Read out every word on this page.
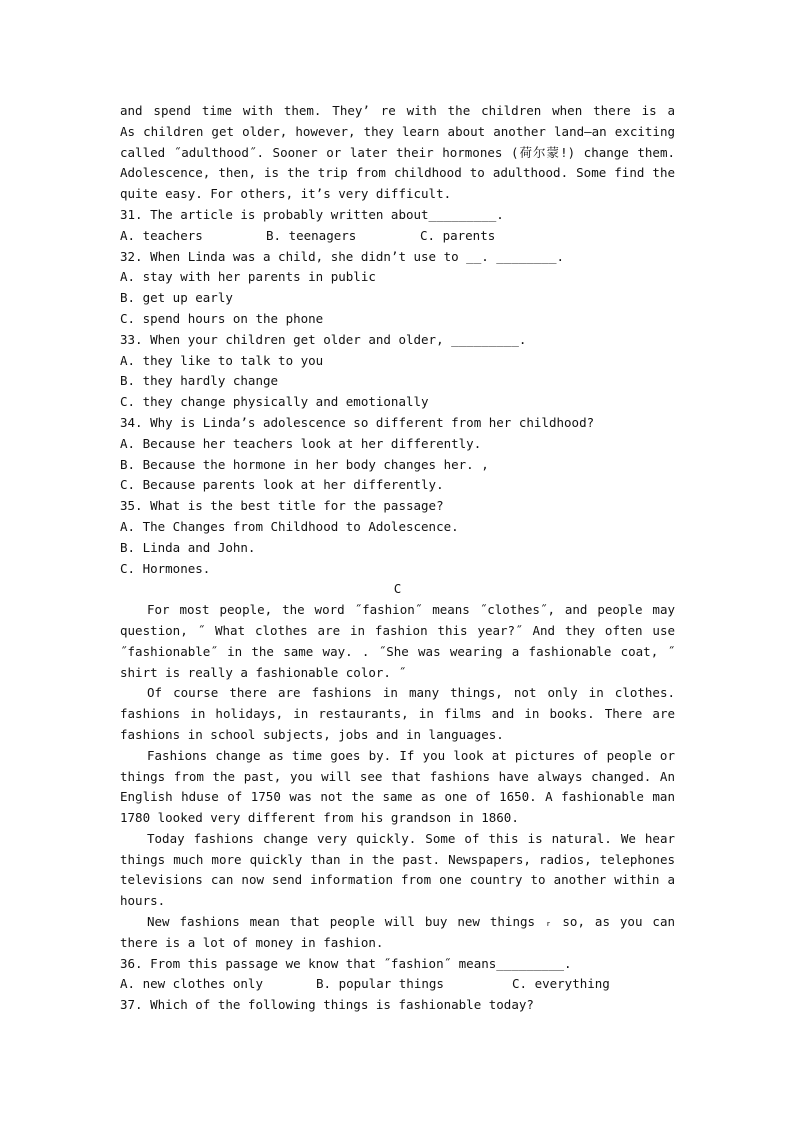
and spend time with them. They’ re with the children when there is a
As children get older, however, they learn about another land—an exciting
called ˝adulthood˝. Sooner or later their hormones (荷尔蒙!) change them.
Adolescence, then, is the trip from childhood to adulthood. Some find the
quite easy. For others, it’s very difficult.
31. The article is probably written about_________.
A. teachers	B. teenagers	C. parents
32. When Linda was a child, she didn’t use to __. ________.
A. stay with her parents in public
B. get up early
C. spend hours on the phone
33. When your children get older and older, _________.
A. they like to talk to you
B. they hardly change
C. they change physically and emotionally
34. Why is Linda’s adolescence so different from her childhood?
A. Because her teachers look at her differently.
B. Because the hormone in her body changes her. ,
C. Because parents look at her differently.
35. What is the best title for the passage?
A. The Changes from Childhood to Adolescence.
B. Linda and John.
C. Hormones.
C
For most people, the word ˝fashion˝ means ˝clothes˝, and people may
question, ˝ What clothes are in fashion this year?˝ And they often use
˝fashionable˝ in the same way. . ˝She was wearing a fashionable coat, ˝
shirt is really a fashionable color. ˝
Of course there are fashions in many things, not only in clothes.
fashions in holidays, in restaurants, in films and in books. There are
fashions in school subjects, jobs and in languages.
Fashions change as time goes by. If you look at pictures of people or
things from the past, you will see that fashions have always changed. An
English hduse of 1750 was not the same as one of 1650. A fashionable man
1780 looked very different from his grandson in 1860.
Today fashions change very quickly. Some of this is natural. We hear
things much more quickly than in the past. Newspapers, radios, telephones
televisions can now send information from one country to another within a
hours.
New fashions mean that people will buy new things ᵣ so, as you can
there is a lot of money in fashion.
36. From this passage we know that ˝fashion˝ means_________.
A. new clothes only	B. popular things	C. everything
37. Which of the following things is fashionable today?
